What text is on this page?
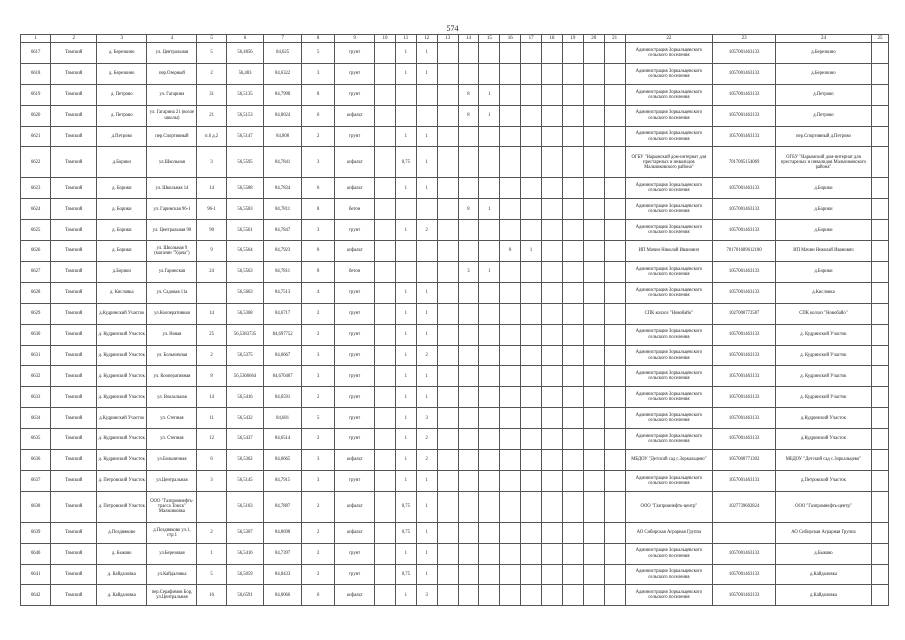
574
1	2	3	4	5	6	7	8	9	10	11	12	13	14	15	16	17	18	19	20	21	22	23	24	25
6617	Томский	д. Березкино	ул. Центральная	5	56,4856	84,625	5	грунт		1	1										Администрация Зоркальцевского сельского поселения	1057001463133	д.Березкино	
6618	Томский	д. Березкино	пер.Озерный	2	56,483	84,6322	3	грунт		1	1										Администрация Зоркальцевского сельского поселения	1057001463133	д.Березкино	
6619	Томский	д. Петрово	ул. Гагарина	31	56,5135	84,7998	8	грунт					8	1							Администрация Зоркальцевского сельского поселения	1057001463133	д.Петрово	
6620	Томский	д. Петрово	ул. Гагарина 21 (возле школы)	21	56,5153	84,8024	6	асфальт					8	1							Администрация Зоркальцевского сельского поселения	1057001463133	д.Петрово	
6621	Томский	д.Петрово	пер.Спортивный	п.6 д.2	56,5147	84,808	2	грунт		1	1										Администрация Зоркальцевского сельского поселения	1057001463133	пер.Спортивный д.Петрово	
6622	Томский	д.Борики	ул.Школьная	3	56,5595	84,7841	3	асфальт		0,75	1										ОГБУ "Нарымский дом-интернат для престарелых и инвалидов Мальчиковского района"	7017005154069	ОГБУ "Нарымский дом-интернат для престарелых и инвалидов Мальчиковского района"	
6623	Томский	д. Борики	ул. Школьная 14	14	56,5588	84,7834	6	асфальт		1	1										Администрация Зоркальцевского сельского поселения	1057001463133	д.Борики	
6624	Томский	д. Борики	ул. Гаринская 96-1	96-1	56,5583	84,7811	8	бетон					8	1							Администрация Зоркальцевского сельского поселения	1057001463133	д.Борики	
6625	Томский	д. Борики	ул. Центральная 90	90	56,5561	84,7847	3	грунт		1	2										Администрация Зоркальцевского сельского поселения	1057001463133	д.Борики	
6626	Томский	д. Борики	ул. Школьная 9 (магазин "Удача")	9	56,5564	84,7923	8	асфальт							8	1					ИП Мачин Николай Иванович	701701609612180	ИП Мачин Николай Иванович	
6627	Томский	д.Борики	ул.Гаринская	24	56,5563	84,7811	8	бетон					3	1							Администрация Зоркальцевского сельского поселения	1057001463133	д.Борики	
6628	Томский	д. Кисловка	ул. Садовая 11а		56,5663	84,7513	4	грунт		1	1										Администрация Зоркальцевского сельского поселения	1057001463133	д.Кисловка	
6629	Томский	д.Кудринский Участок	ул.Кооперативная	14	56,5368	84,6717	2	грунт		1	1										СПК колхоз "Новобайо"	1027000772587	СПК колхоз "Новобайо"	
6630	Томский	д. Кудринский Участок	ул. Новая	25	56,5383735	84,697752	2	грунт		1	1										Администрация Зоркальцевского сельского поселения	1057001463133	д. Кудринский Участок	
6631	Томский	д. Кудринский Участок	ул. Больничная	2	56,5375	84,6667	3	грунт		1	2										Администрация Зоркальцевского сельского поселения	1057001463133	д. Кудринский Участок	
6632	Томский	д. Кудринский Участок	ул. Кооперативная	8	56,5366664	84,670407	3	грунт		1	1										Администрация Зоркальцевского сельского поселения	1057001463133	д. Кудринский Участок	
6633	Томский	д. Кудринский Участок	ул. Вокзальная	14	56,5416	84,6591	2	грунт		1	1										Администрация Зоркальцевского сельского поселения	1057001463133	д. Кудринский Участок	
6634	Томский	д.Кудринский Участок	ул. Степная	11	56,5432	84,681	5	грунт		1	3										Администрация Зоркальцевского сельского поселения	1057001463133	д.Кудринский Участок	
6635	Томский	д. Кудринский Участок	ул. Степная	12	56,5437	84,6514	2	грунт		1	2										Администрация Зоркальцевского сельского поселения	1057001463133	д.Кудринский Участок	
6636	Томский	д. Кудринский Участок	ул.Больничная	6	56,5362	84,6665	3	асфальт		1	2										МБДОУ "Детский сад с.Зоркальцево"	1057000771302	МБДОУ "Детский сад с.Зоркальцево"	
6637	Томский	д. Петровский Участок	ул.Центральная	3	56,5145	84,7915	3	грунт		1	1										Администрация Зоркальцевского сельского поселения	1057001463133	д.Петровский Участок	
6638	Томский	д. Петровский Участок	ООО "Газпромнефть-трасса Томск" Мальчиковка		56,5103	84,7887	2	асфальт		0,75	1										ООО "Газпромнефть-центр"	1027739602824	ООО "Газпромнефть-центр"	
6639	Томский	д.Поздняково	д.Поздняково ул.1, стр.1	2	56,5307	84,8698	2	асфальт		0,75	1										АО Сибирская Аграрная Группа		АО Сибирская Аграрная Группа	
6640	Томский	д. Быково	ул.Березовая	1	56,5416	84,7397	2	грунт		1	1										Администрация Зоркальцевского сельского поселения	1057001463133	д.Быково	
6641	Томский	д. Кайдаловка	ул.Кайдаловка	5	56,5059	84,8433	2	грунт		0,75	1										Администрация Зоркальцевского сельского поселения	1057001463133	д.Кайдаловка	
6642	Томский	д. Кайдаловка	пер.Серафимов Бор, ул.Центральная	16	56,6591	84,8066	6	асфальт		1	3										Администрация Зоркальцевского сельского поселения	1057001463133	д.Кайдаловка	
